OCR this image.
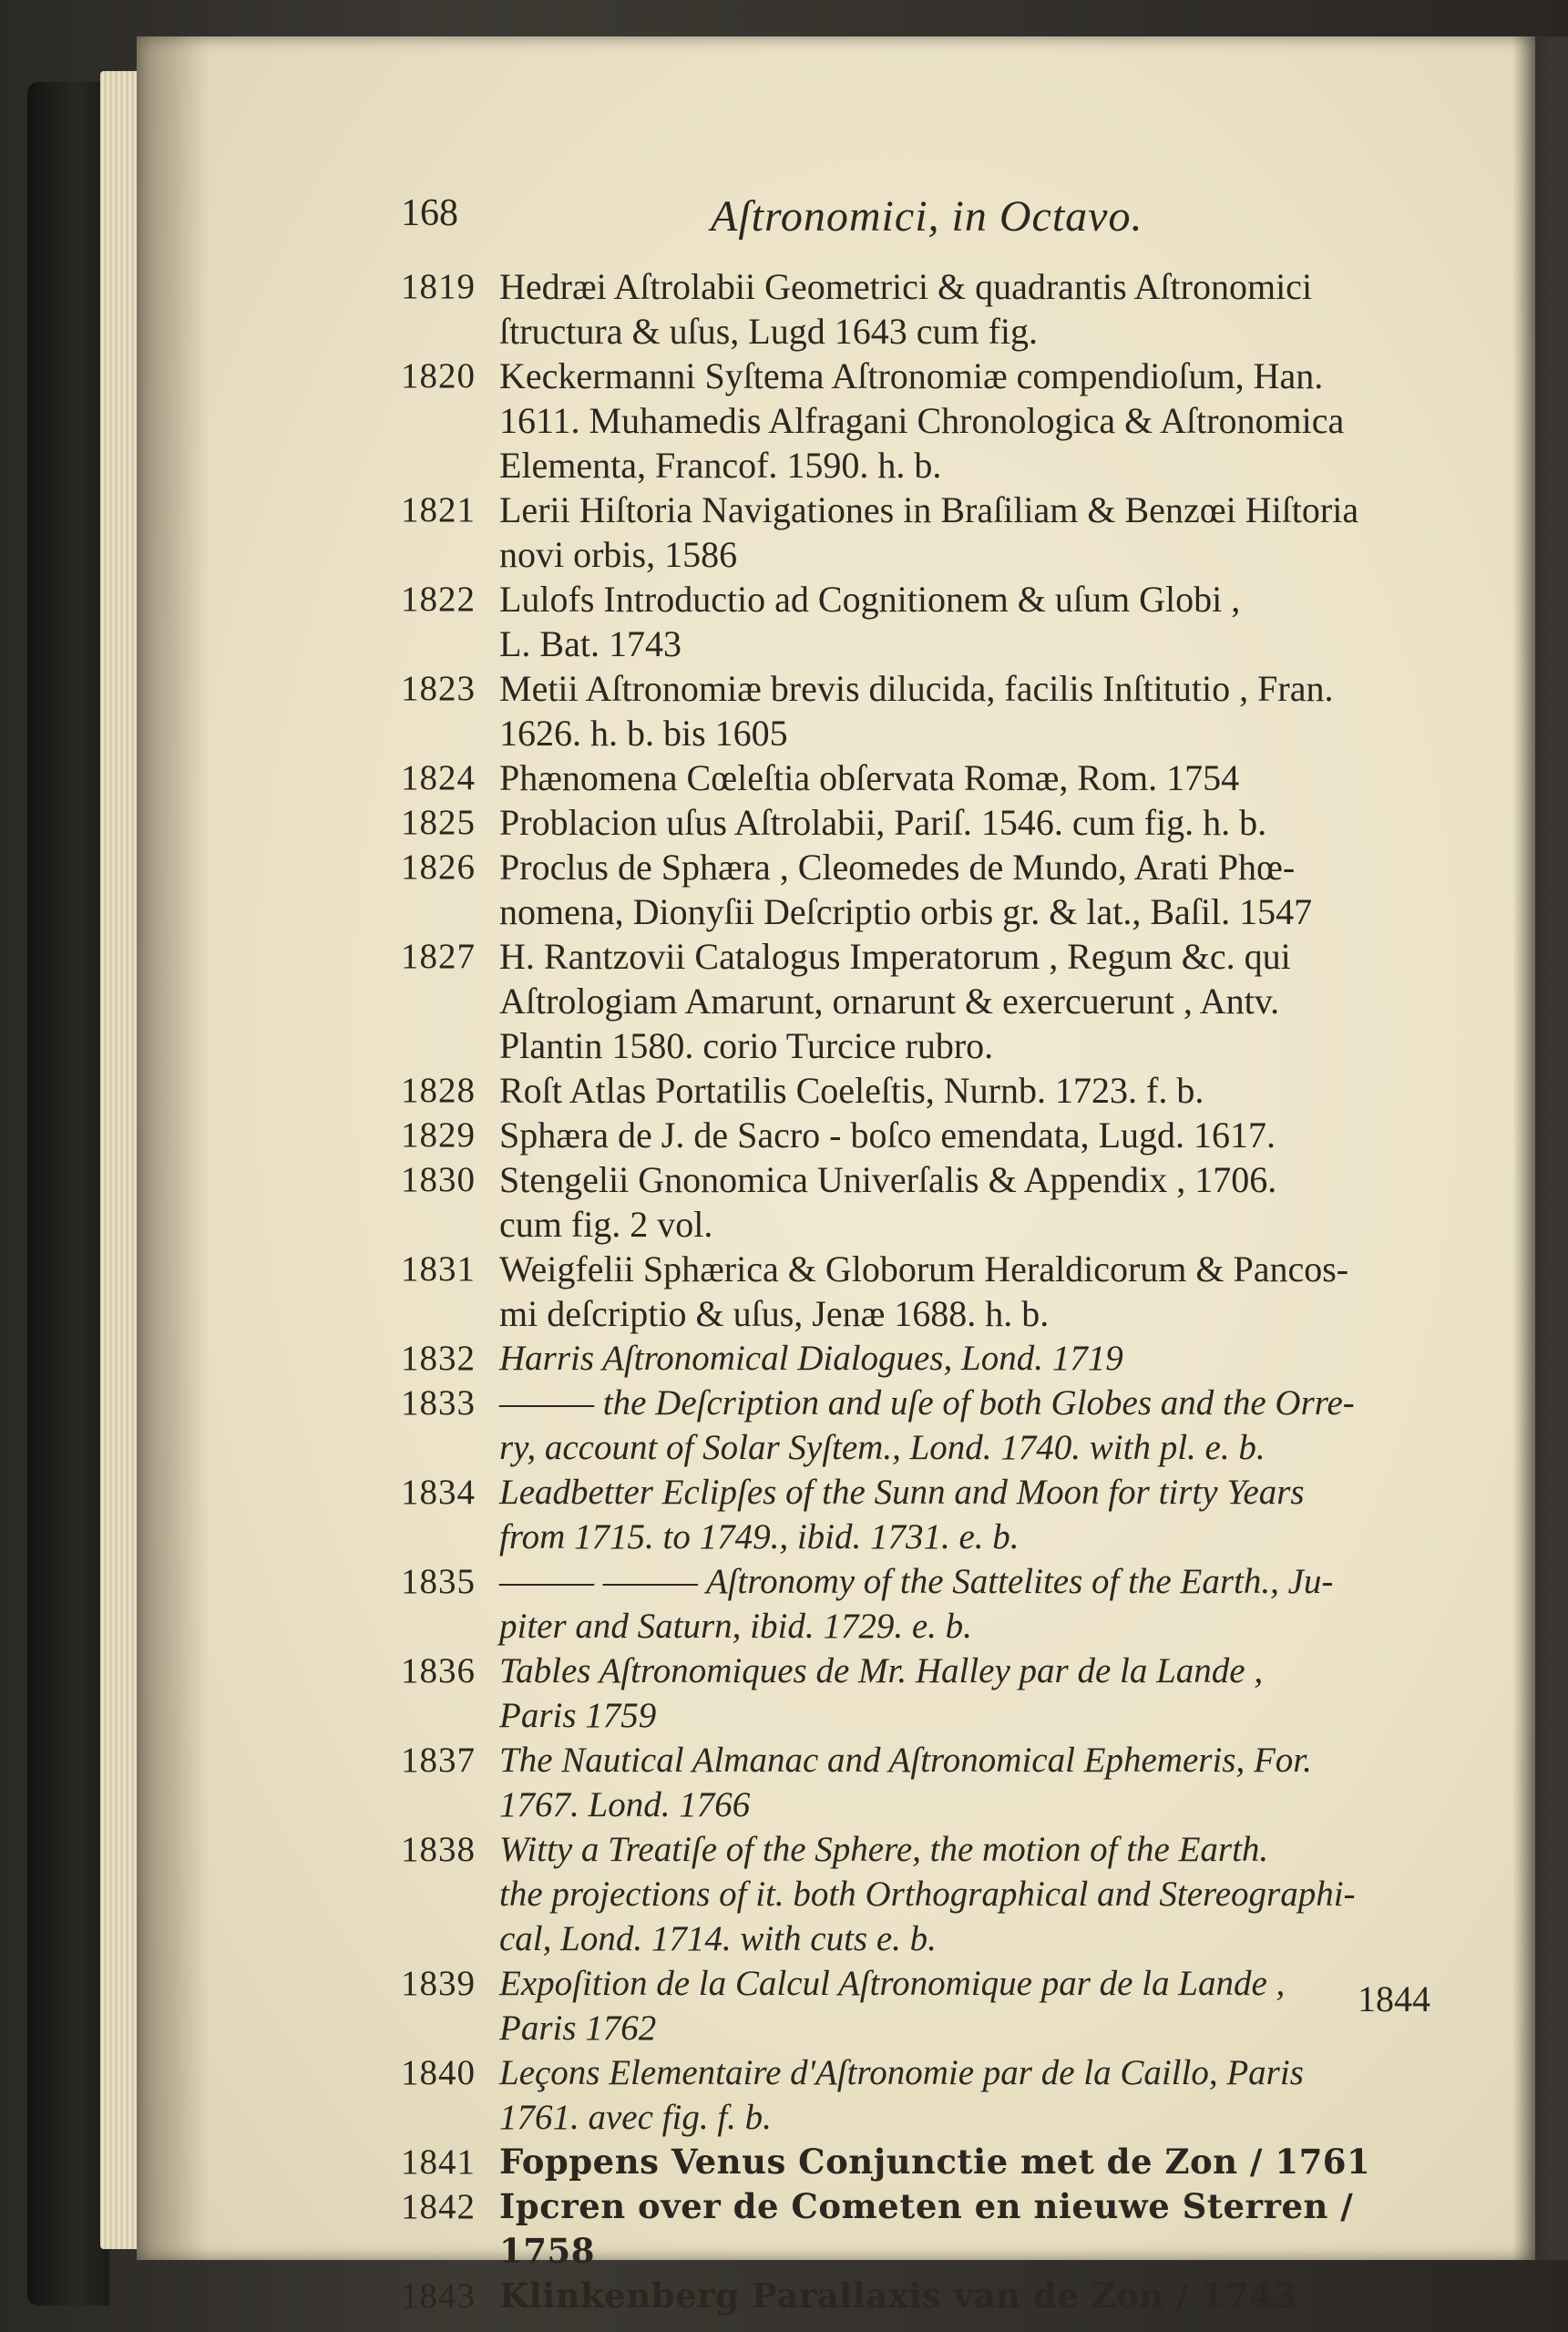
168	Aſtronomici, in Octavo.
1819 Hedræi Aſtrolabii Geometrici & quadrantis Aſtronomici
ſtructura & uſus, Lugd 1643 cum fig.
1820 Keckermanni Syſtema Aſtronomiæ compendioſum, Han.
1611. Muhamedis Alfragani Chronologica & Aſtronomica
Elementa, Francof. 1590. h. b.
1821 Lerii Hiſtoria Navigationes in Braſiliam & Benzœi Hiſtoria
novi orbis, 1586
1822 Lulofs Introductio ad Cognitionem & uſum Globi ,
L. Bat. 1743
1823 Metii Aſtronomiæ brevis dilucida, facilis Inſtitutio , Fran.
1626. h. b. bis 1605
1824 Phænomena Cœleſtia obſervata Romæ, Rom. 1754
1825 Problacion uſus Aſtrolabii, Pariſ. 1546. cum fig. h. b.
1826 Proclus de Sphæra , Cleomedes de Mundo, Arati Phœ-
nomena, Dionyſii Deſcriptio orbis gr. & lat., Baſil. 1547
1827 H. Rantzovii Catalogus Imperatorum , Regum &c. qui
Aſtrologiam Amarunt, ornarunt & exercuerunt , Antv.
Plantin 1580. corio Turcice rubro.
1828 Roſt Atlas Portatilis Coeleſtis, Nurnb. 1723. f. b.
1829 Sphæra de J. de Sacro - boſco emendata, Lugd. 1617.
1830 Stengelii Gnonomica Univerſalis & Appendix , 1706.
cum fig. 2 vol.
1831 Weigfelii Sphærica & Globorum Heraldicorum & Pancos-
mi deſcriptio & uſus, Jenæ 1688. h. b.
1832 Harris Aſtronomical Dialogues, Lond. 1719
1833 ——— the Deſcription and uſe of both Globes and the Orre-
ry, account of Solar Syſtem., Lond. 1740. with pl. e. b.
1834 Leadbetter Eclipſes of the Sunn and Moon for tirty Years
from 1715. to 1749., ibid. 1731. e. b.
1835 ——— ——— Aſtronomy of the Sattelites of the Earth., Ju-
piter and Saturn, ibid. 1729. e. b.
1836 Tables Aſtronomiques de Mr. Halley par de la Lande ,
Paris 1759
1837 The Nautical Almanac and Aſtronomical Ephemeris, For.
1767. Lond. 1766
1838 Witty a Treatiſe of the Sphere, the motion of the Earth.
the projections of it. both Orthographical and Stereographi-
cal, Lond. 1714. with cuts e. b.
1839 Expoſition de la Calcul Aſtronomique par de la Lande ,
Paris 1762
1840 Leçons Elementaire d'Aſtronomie par de la Caillo, Paris
1761. avec fig. f. b.
1841 Foppens Venus Conjunctie met de Zon / 1761
1842 Ipcren over de Cometen en nieuwe Sterren / 1758
1843 Klinkenberg Parallaxis van de Zon / 1743
1844
